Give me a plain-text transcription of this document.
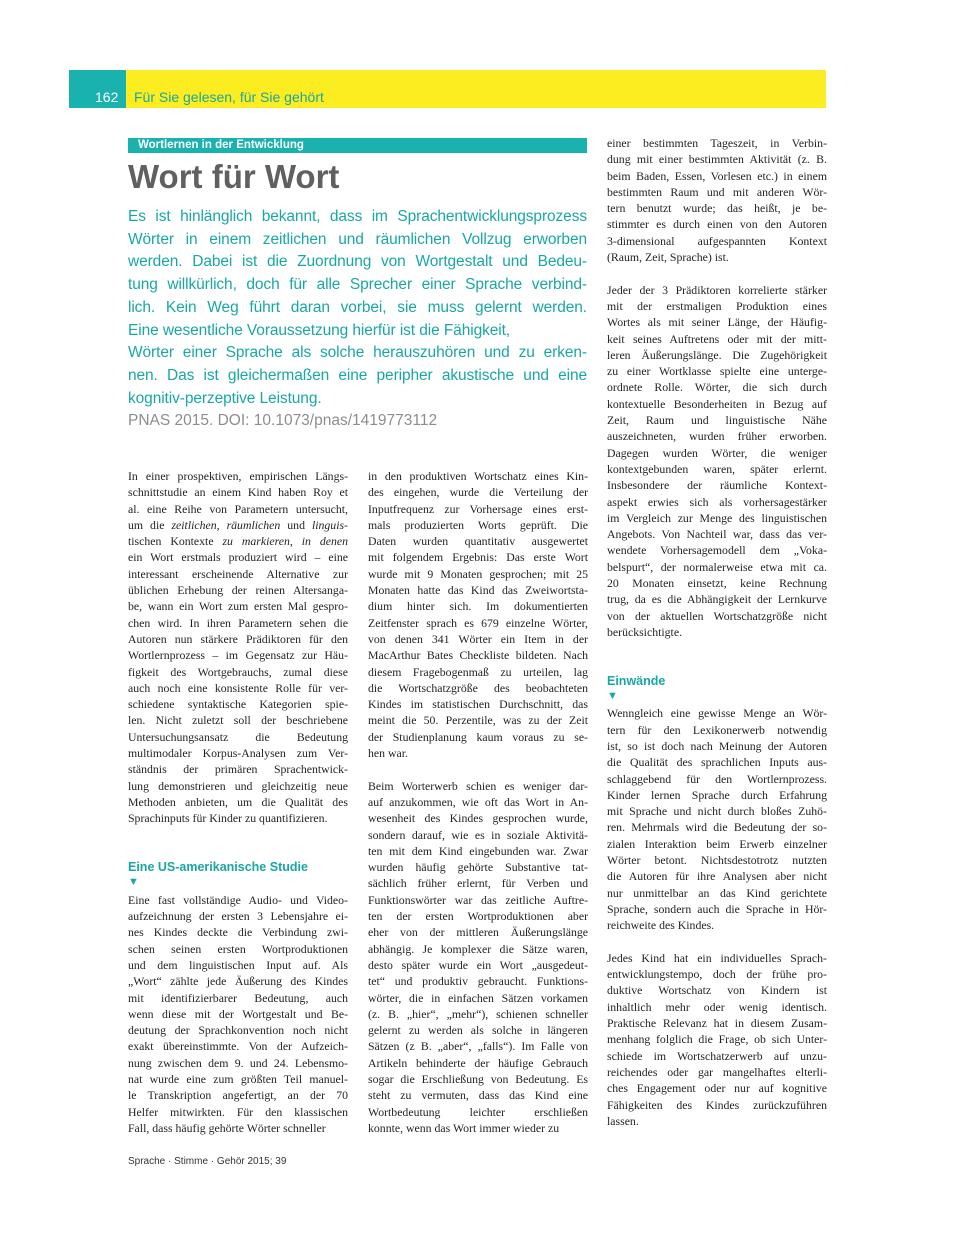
162	Für Sie gelesen, für Sie gehört
Wortlernen in der Entwicklung
Wort für Wort
Es ist hinlänglich bekannt, dass im Sprachentwicklungsprozess
Wörter in einem zeitlichen und räumlichen Vollzug erworben
werden. Dabei ist die Zuordnung von Wortgestalt und Bedeu-
tung willkürlich, doch für alle Sprecher einer Sprache verbind-
lich. Kein Weg führt daran vorbei, sie muss gelernt werden.
Eine wesentliche Voraussetzung hierfür ist die Fähigkeit,
Wörter einer Sprache als solche herauszuhören und zu erken-
nen. Das ist gleichermaßen eine peripher akustische und eine
kognitiv-perzeptive Leistung.
PNAS 2015. DOI: 10.1073/pnas/1419773112
In einer prospektiven, empirischen Längs-
schnittstudie an einem Kind haben Roy et
al. eine Reihe von Parametern untersucht,
um die zeitlichen, räumlichen und linguis-
tischen Kontexte zu markieren, in denen
ein Wort erstmals produziert wird – eine
interessant erscheinende Alternative zur
üblichen Erhebung der reinen Altersanga-
be, wann ein Wort zum ersten Mal gespro-
chen wird. In ihren Parametern sehen die
Autoren nun stärkere Prädiktoren für den
Wortlernprozess – im Gegensatz zur Häu-
figkeit des Wortgebrauchs, zumal diese
auch noch eine konsistente Rolle für ver-
schiedene syntaktische Kategorien spie-
len. Nicht zuletzt soll der beschriebene
Untersuchungsansatz die Bedeutung
multimodaler Korpus-Analysen zum Ver-
ständnis der primären Sprachentwick-
lung demonstrieren und gleichzeitig neue
Methoden anbieten, um die Qualität des
Sprachinputs für Kinder zu quantifizieren.
Eine US-amerikanische Studie
▼
Eine fast vollständige Audio- und Video-
aufzeichnung der ersten 3 Lebensjahre ei-
nes Kindes deckte die Verbindung zwi-
schen seinen ersten Wortproduktionen
und dem linguistischen Input auf. Als
„Wort“ zählte jede Äußerung des Kindes
mit identifizierbarer Bedeutung, auch
wenn diese mit der Wortgestalt und Be-
deutung der Sprachkonvention noch nicht
exakt übereinstimmte. Von der Aufzeich-
nung zwischen dem 9. und 24. Lebensmo-
nat wurde eine zum größten Teil manuel-
le Transkription angefertigt, an der 70
Helfer mitwirkten. Für den klassischen
Fall, dass häufig gehörte Wörter schneller
in den produktiven Wortschatz eines Kin-
des eingehen, wurde die Verteilung der
Inputfrequenz zur Vorhersage eines erst-
mals produzierten Worts geprüft. Die
Daten wurden quantitativ ausgewertet
mit folgendem Ergebnis: Das erste Wort
wurde mit 9 Monaten gesprochen; mit 25
Monaten hatte das Kind das Zweiwortsta-
dium hinter sich. Im dokumentierten
Zeitfenster sprach es 679 einzelne Wörter,
von denen 341 Wörter ein Item in der
MacArthur Bates Checkliste bildeten. Nach
diesem Fragebogenmaß zu urteilen, lag
die Wortschatzgröße des beobachteten
Kindes im statistischen Durchschnitt, das
meint die 50. Perzentile, was zu der Zeit
der Studienplanung kaum voraus zu se-
hen war.
Beim Worterwerb schien es weniger dar-
auf anzukommen, wie oft das Wort in An-
wesenheit des Kindes gesprochen wurde,
sondern darauf, wie es in soziale Aktivitä-
ten mit dem Kind eingebunden war. Zwar
wurden häufig gehörte Substantive tat-
sächlich früher erlernt, für Verben und
Funktionswörter war das zeitliche Auftre-
ten der ersten Wortproduktionen aber
eher von der mittleren Äußerungslänge
abhängig. Je komplexer die Sätze waren,
desto später wurde ein Wort „ausgedeut-
tet“ und produktiv gebraucht. Funktions-
wörter, die in einfachen Sätzen vorkamen
(z. B. „hier“, „mehr“), schienen schneller
gelernt zu werden als solche in längeren
Sätzen (z B. „aber“, „falls“). Im Falle von
Artikeln behinderte der häufige Gebrauch
sogar die Erschließung von Bedeutung. Es
steht zu vermuten, dass das Kind eine
Wortbedeutung leichter erschließen
konnte, wenn das Wort immer wieder zu
einer bestimmten Tageszeit, in Verbin-
dung mit einer bestimmten Aktivität (z. B.
beim Baden, Essen, Vorlesen etc.) in einem
bestimmten Raum und mit anderen Wör-
tern benutzt wurde; das heißt, je be-
stimmter es durch einen von den Autoren
3-dimensional aufgespannten Kontext
(Raum, Zeit, Sprache) ist.
Jeder der 3 Prädiktoren korrelierte stärker
mit der erstmaligen Produktion eines
Wortes als mit seiner Länge, der Häufig-
keit seines Auftretens oder mit der mitt-
leren Äußerungslänge. Die Zugehörigkeit
zu einer Wortklasse spielte eine unterge-
ordnete Rolle. Wörter, die sich durch
kontextuelle Besonderheiten in Bezug auf
Zeit, Raum und linguistische Nähe
auszeichneten, wurden früher erworben.
Dagegen wurden Wörter, die weniger
kontextgebunden waren, später erlernt.
Insbesondere der räumliche Kontext-
aspekt erwies sich als vorhersagestärker
im Vergleich zur Menge des linguistischen
Angebots. Von Nachteil war, dass das ver-
wendete Vorhersagemodell dem „Voka-
belspurt“, der normalerweise etwa mit ca.
20 Monaten einsetzt, keine Rechnung
trug, da es die Abhängigkeit der Lernkurve
von der aktuellen Wortschatzgröße nicht
berücksichtigte.
Einwände
▼
Wenngleich eine gewisse Menge an Wör-
tern für den Lexikonerwerb notwendig
ist, so ist doch nach Meinung der Autoren
die Qualität des sprachlichen Inputs aus-
schlaggebend für den Wortlernprozess.
Kinder lernen Sprache durch Erfahrung
mit Sprache und nicht durch bloßes Zuhö-
ren. Mehrmals wird die Bedeutung der so-
zialen Interaktion beim Erwerb einzelner
Wörter betont. Nichtsdestotrotz nutzten
die Autoren für ihre Analysen aber nicht
nur unmittelbar an das Kind gerichtete
Sprache, sondern auch die Sprache in Hör-
reichweite des Kindes.
Jedes Kind hat ein individuelles Sprach-
entwicklungstempo, doch der frühe pro-
duktive Wortschatz von Kindern ist
inhaltlich mehr oder wenig identisch.
Praktische Relevanz hat in diesem Zusam-
menhang folglich die Frage, ob sich Unter-
schiede im Wortschatzerwerb auf unzu-
reichendes oder gar mangelhaftes elterli-
ches Engagement oder nur auf kognitive
Fähigkeiten des Kindes zurückzuführen
lassen.
Sprache · Stimme · Gehör 2015; 39
